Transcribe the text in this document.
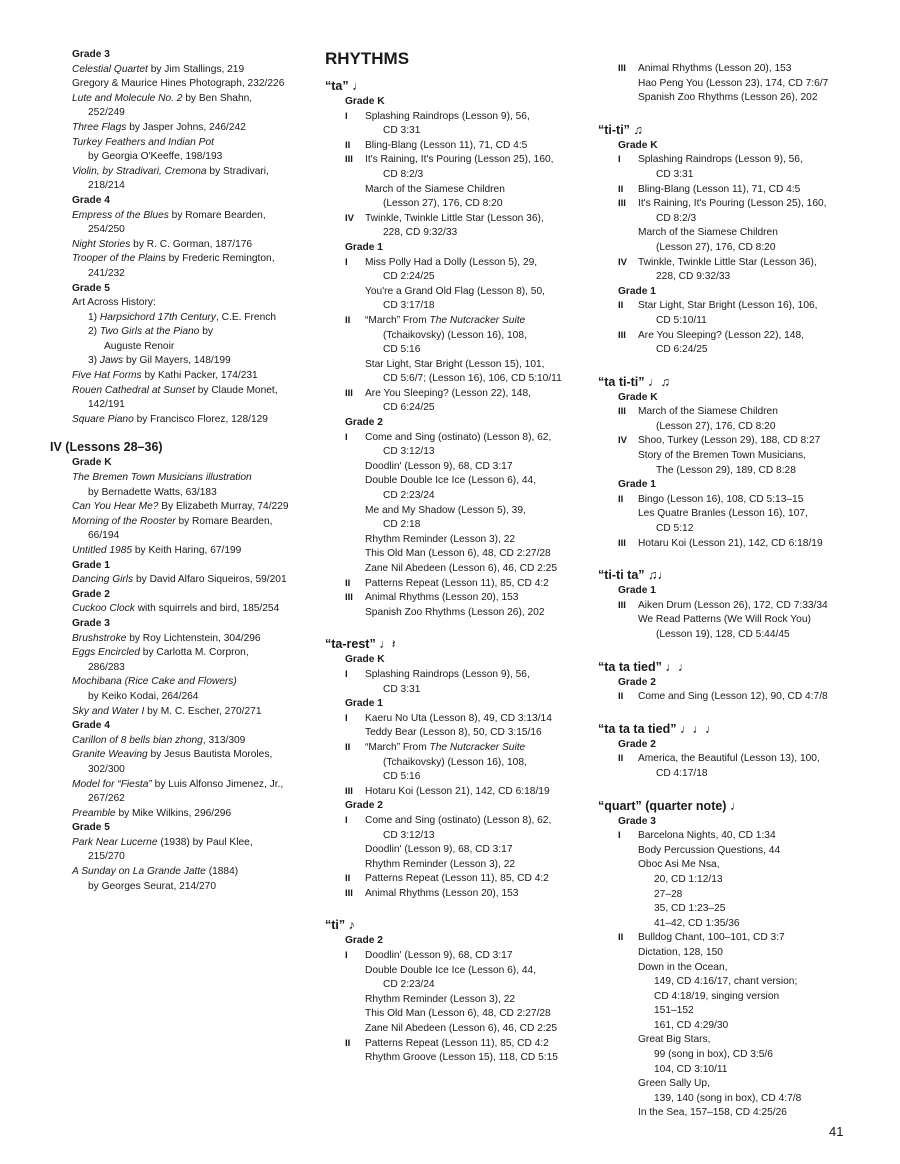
Grade 3
Celestial Quartet by Jim Stallings, 219
Gregory & Maurice Hines Photograph, 232/226
Lute and Molecule No. 2 by Ben Shahn,
252/249
Three Flags by Jasper Johns, 246/242
Turkey Feathers and Indian Pot
by Georgia O'Keeffe, 198/193
Violin, by Stradivari, Cremona by Stradivari,
218/214
Grade 4
Empress of the Blues by Romare Bearden,
254/250
Night Stories by R. C. Gorman, 187/176
Trooper of the Plains by Frederic Remington,
241/232
Grade 5
Art Across History:
1) Harpsichord 17th Century, C.E. French
2) Two Girls at the Piano by
Auguste Renoir
3) Jaws by Gil Mayers, 148/199
Five Hat Forms by Kathi Packer, 174/231
Rouen Cathedral at Sunset by Claude Monet,
142/191
Square Piano by Francisco Florez, 128/129
IV (Lessons 28–36)
Grade K
The Bremen Town Musicians illustration
by Bernadette Watts, 63/183
Can You Hear Me? By Elizabeth Murray, 74/229
Morning of the Rooster by Romare Bearden,
66/194
Untitled 1985 by Keith Haring, 67/199
Grade 1
Dancing Girls by David Alfaro Siqueiros, 59/201
Grade 2
Cuckoo Clock with squirrels and bird, 185/254
Grade 3
Brushstroke by Roy Lichtenstein, 304/296
Eggs Encircled by Carlotta M. Corpron,
286/283
Mochibana (Rice Cake and Flowers)
by Keiko Kodai, 264/264
Sky and Water I by M. C. Escher, 270/271
Grade 4
Carillon of 8 bells bian zhong, 313/309
Granite Weaving by Jesus Bautista Moroles,
302/300
Model for “Fiesta” by Luis Alfonso Jimenez, Jr.,
267/262
Preamble by Mike Wilkins, 296/296
Grade 5
Park Near Lucerne (1938) by Paul Klee,
215/270
A Sunday on La Grande Jatte (1884)
by Georges Seurat, 214/270
RHYTHMS
“ta” ♩
Grade K
I Splashing Raindrops (Lesson 9), 56,
CD 3:31
II Bling-Blang (Lesson 11), 71, CD 4:5
III It's Raining, It's Pouring (Lesson 25), 160,
CD 8:2/3
March of the Siamese Children
(Lesson 27), 176, CD 8:20
IV Twinkle, Twinkle Little Star (Lesson 36),
228, CD 9:32/33
Grade 1
I Miss Polly Had a Dolly (Lesson 5), 29,
CD 2:24/25
You're a Grand Old Flag (Lesson 8), 50,
CD 3:17/18
II “March” From The Nutcracker Suite
(Tchaikovsky) (Lesson 16), 108,
CD 5:16
Star Light, Star Bright (Lesson 15), 101,
CD 5:6/7; (Lesson 16), 106, CD 5:10/11
III Are You Sleeping? (Lesson 22), 148,
CD 6:24/25
Grade 2
I Come and Sing (ostinato) (Lesson 8), 62,
CD 3:12/13
Doodlin' (Lesson 9), 68, CD 3:17
Double Double Ice Ice (Lesson 6), 44,
CD 2:23/24
Me and My Shadow (Lesson 5), 39,
CD 2:18
Rhythm Reminder (Lesson 3), 22
This Old Man (Lesson 6), 48, CD 2:27/28
Zane Nil Abedeen (Lesson 6), 46, CD 2:25
II Patterns Repeat (Lesson 11), 85, CD 4:2
III Animal Rhythms (Lesson 20), 153
Spanish Zoo Rhythms (Lesson 26), 202
“ta-rest” ♩𝄽
Grade K
I Splashing Raindrops (Lesson 9), 56,
CD 3:31
Grade 1
I Kaeru No Uta (Lesson 8), 49, CD 3:13/14
Teddy Bear (Lesson 8), 50, CD 3:15/16
II “March” From The Nutcracker Suite
(Tchaikovsky) (Lesson 16), 108,
CD 5:16
III Hotaru Koi (Lesson 21), 142, CD 6:18/19
Grade 2
I Come and Sing (ostinato) (Lesson 8), 62,
CD 3:12/13
Doodlin' (Lesson 9), 68, CD 3:17
Rhythm Reminder (Lesson 3), 22
II Patterns Repeat (Lesson 11), 85, CD 4:2
III Animal Rhythms (Lesson 20), 153
“ti” ♪
Grade 2
I Doodlin' (Lesson 9), 68, CD 3:17
Double Double Ice Ice (Lesson 6), 44,
CD 2:23/24
Rhythm Reminder (Lesson 3), 22
This Old Man (Lesson 6), 48, CD 2:27/28
Zane Nil Abedeen (Lesson 6), 46, CD 2:25
II Patterns Repeat (Lesson 11), 85, CD 4:2
Rhythm Groove (Lesson 15), 118, CD 5:15
III Animal Rhythms (Lesson 20), 153
Hao Peng You (Lesson 23), 174, CD 7:6/7
Spanish Zoo Rhythms (Lesson 26), 202
“ti-ti” ♫
Grade K
I Splashing Raindrops (Lesson 9), 56,
CD 3:31
II Bling-Blang (Lesson 11), 71, CD 4:5
III It's Raining, It's Pouring (Lesson 25), 160,
CD 8:2/3
March of the Siamese Children
(Lesson 27), 176, CD 8:20
IV Twinkle, Twinkle Little Star (Lesson 36),
228, CD 9:32/33
Grade 1
II Star Light, Star Bright (Lesson 16), 106,
CD 5:10/11
III Are You Sleeping? (Lesson 22), 148,
CD 6:24/25
“ta ti-ti” ♩♫
Grade K
III March of the Siamese Children
(Lesson 27), 176, CD 8:20
IV Shoo, Turkey (Lesson 29), 188, CD 8:27
Story of the Bremen Town Musicians,
The (Lesson 29), 189, CD 8:28
Grade 1
II Bingo (Lesson 16), 108, CD 5:13–15
Les Quatre Branles (Lesson 16), 107,
CD 5:12
III Hotaru Koi (Lesson 21), 142, CD 6:18/19
“ti-ti ta” ♫♩
Grade 1
III Aiken Drum (Lesson 26), 172, CD 7:33/34
We Read Patterns (We Will Rock You)
(Lesson 19), 128, CD 5:44/45
“ta ta tied” ♩♩
Grade 2
II Come and Sing (Lesson 12), 90, CD 4:7/8
“ta ta ta tied” ♩♩♩
Grade 2
II America, the Beautiful (Lesson 13), 100,
CD 4:17/18
“quart” (quarter note) ♩
Grade 3
I Barcelona Nights, 40, CD 1:34
Body Percussion Questions, 44
Oboc Asi Me Nsa,
20, CD 1:12/13
27–28
35, CD 1:23–25
41–42, CD 1:35/36
II Bulldog Chant, 100–101, CD 3:7
Dictation, 128, 150
Down in the Ocean,
149, CD 4:16/17, chant version;
CD 4:18/19, singing version
151–152
161, CD 4:29/30
Great Big Stars,
99 (song in box), CD 3:5/6
104, CD 3:10/11
Green Sally Up,
139, 140 (song in box), CD 4:7/8
In the Sea, 157–158, CD 4:25/26
41
